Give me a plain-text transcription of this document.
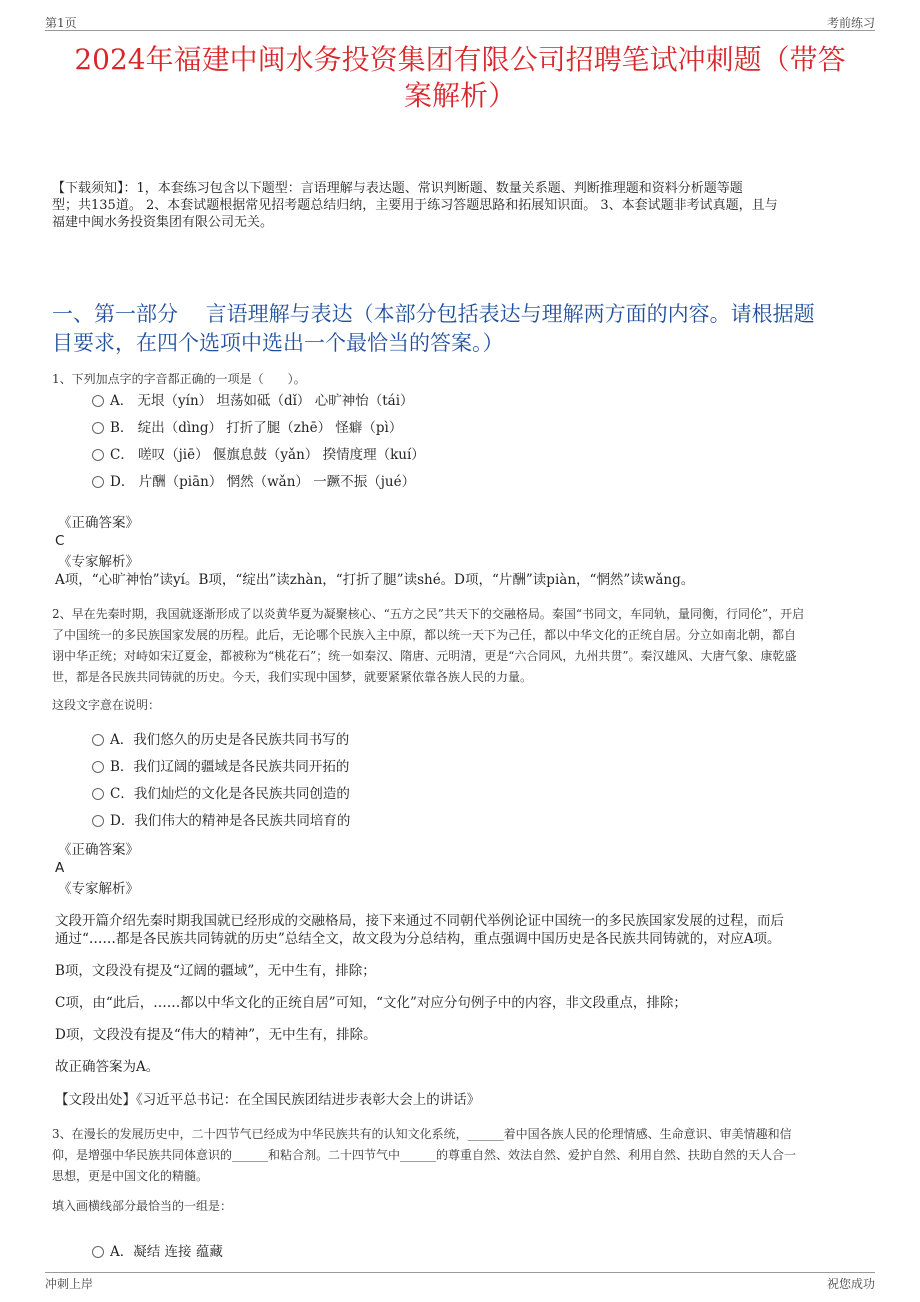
第1页	考前练习
2024年福建中闽水务投资集团有限公司招聘笔试冲刺题（带答
案解析）
【下载须知】：1，本套练习包含以下题型：言语理解与表达题、常识判断题、数量关系题、判断推理题和资料分析题等题
型；共135道。 2、本套试题根据常见招考题总结归纳，主要用于练习答题思路和拓展知识面。 3、本套试题非考试真题，且与
福建中闽水务投资集团有限公司无关。
一、第一部分　 言语理解与表达（本部分包括表达与理解两方面的内容。请根据题
目要求，在四个选项中选出一个最恰当的答案。）
1、下列加点字的字音都正确的一项是（　　）。
A． 无垠（yín） 坦荡如砥（dǐ） 心旷神怡（tái）
B． 绽出（dìng） 打折了腿（zhē） 怪癖（pì）
C． 嗟叹（jiē） 偃旗息鼓（yǎn） 揆情度理（kuí）
D． 片酬（piān） 惘然（wǎn） 一蹶不振（jué）
《正确答案》
C
《专家解析》
A项，“心旷神怡”读yí。B项，“绽出”读zhàn，“打折了腿”读shé。D项，“片酬”读piàn，“惘然”读wǎng。
2、早在先秦时期，我国就逐渐形成了以炎黄华夏为凝聚核心、“五方之民”共天下的交融格局。秦国“书同文，车同轨，量同衡，行同伦”，开启
了中国统一的多民族国家发展的历程。此后，无论哪个民族入主中原，都以统一天下为己任，都以中华文化的正统自居。分立如南北朝，都自
诩中华正统；对峙如宋辽夏金，都被称为“桃花石”；统一如秦汉、隋唐、元明清，更是“六合同风，九州共贯”。秦汉雄风、大唐气象、康乾盛
世，都是各民族共同铸就的历史。今天，我们实现中国梦，就要紧紧依靠各族人民的力量。
这段文字意在说明：
A．我们悠久的历史是各民族共同书写的
B．我们辽阔的疆域是各民族共同开拓的
C．我们灿烂的文化是各民族共同创造的
D．我们伟大的精神是各民族共同培育的
《正确答案》
A
《专家解析》
文段开篇介绍先秦时期我国就已经形成的交融格局，接下来通过不同朝代举例论证中国统一的多民族国家发展的过程，而后
通过“……都是各民族共同铸就的历史”总结全文，故文段为分总结构，重点强调中国历史是各民族共同铸就的，对应A项。
B项，文段没有提及“辽阔的疆域”，无中生有，排除；
C项，由“此后，……都以中华文化的正统自居”可知，“文化”对应分句例子中的内容，非文段重点，排除；
D项，文段没有提及“伟大的精神”，无中生有，排除。
故正确答案为A。
【文段出处】《习近平总书记：在全国民族团结进步表彰大会上的讲话》
3、在漫长的发展历史中，二十四节气已经成为中华民族共有的认知文化系统，______着中国各族人民的伦理情感、生命意识、审美情趣和信
仰，是增强中华民族共同体意识的______和粘合剂。二十四节气中______的尊重自然、效法自然、爱护自然、利用自然、扶助自然的天人合一
思想，更是中国文化的精髓。
填入画横线部分最恰当的一组是：
A．凝结 连接 蕴藏
冲刺上岸	祝您成功
